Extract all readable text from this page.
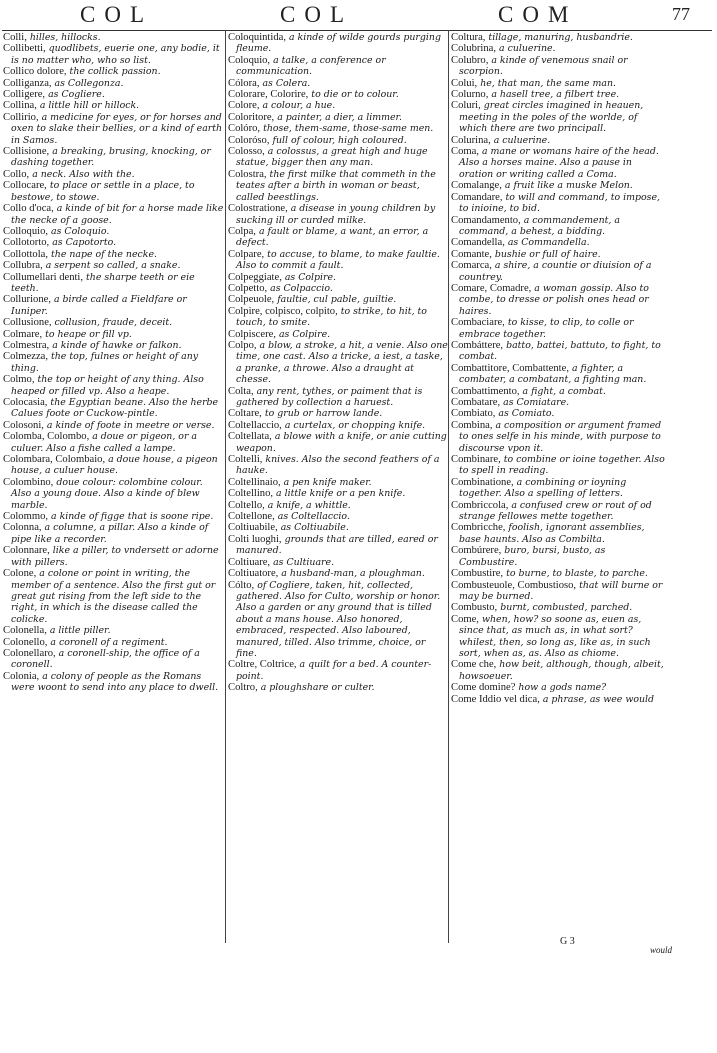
COL	COL	COM	77

Colli, hilles, hillocks.

Collibetti, quodlibets, euerie one, any bodie, it is no matter who, who so list.

Collico dolore, the collick passion.

Colliganza, as Collegonza.

Colligere, as Cogliere.

Collina, a little hill or hillock.

Collirio, a medicine for eyes, or for horses and oxen to slake their bellies, or a kind of earth in Samos.

Collisione, a breaking, brusing, knocking, or dashing together.

Collo, a neck. Also with the.

Collocare, to place or settle in a place, to bestowe, to stowe.

Collo d'oca, a kinde of bit for a horse made like the necke of a goose.

Colloquio, as Coloquio.

Collotorto, as Capotorto.

Collottola, the nape of the necke.

Collubra, a serpent so called, a snake.

Collumellari denti, the sharpe teeth or eie teeth.

Collurione, a birde called a Fieldfare or Iuniper.

Collusione, collusion, fraude, deceit.

Colmare, to heape or fill vp.

Colmestra, a kinde of hawke or falkon.

Colmezza, the top, fulnes or height of any thing.

Colmo, the top or height of any thing. Also heaped or filled vp. Also a heape.

Colocasia, the Egyptian beane. Also the herbe Calues foote or Cuckow-pintle.

Colosoni, a kinde of foote in meetre or verse.

Colomba, Colombo, a doue or pigeon, or a culuer. Also a fishe called a lampe.

Colombara, Colombaio, a doue house, a pigeon house, a culuer house.

Colombino, doue colour: colombine colour. Also a young doue. Also a kinde of blew marble.

Colommo, a kinde of figge that is soone ripe.

Colonna, a columne, a pillar. Also a kinde of pipe like a recorder.

Colonnare, like a piller, to vndersett or adorne with pillers.

Colone, a colone or point in writing, the member of a sentence. Also the first gut or great gut rising from the left side to the right, in which is the disease called the colicke.

Colonella, a little piller.

Colonello, a coronell of a regiment.

Colonellaro, a coronell-ship, the office of a coronell.

Colonia, a colony of people as the Romans were woont to send into any place to dwell.

Coloquintida, a kinde of wilde gourds purging fleume.

Coloquio, a talke, a conference or communication.

Cólora, as Colera.

Colorare, Colorire, to die or to colour.

Colore, a colour, a hue.

Coloritore, a painter, a dier, a limmer.

Colóro, those, them-same, those-same men.

Coloróso, full of colour, high coloured.

Colosso, a colossus, a great high and huge statue, bigger then any man.

Colostra, the first milke that commeth in the teates after a birth in woman or beast, called beestlings.

Colostratione, a disease in young children by sucking ill or curded milke.

Colpa, a fault or blame, a want, an error, a defect.

Colpare, to accuse, to blame, to make faultie. Also to commit a fault.

Colpeggiate, as Colpire.

Colpetto, as Colpaccio.

Colpeuole, faultie, cul pable, guiltie.

Colpire, colpisco, colpito, to strike, to hit, to touch, to smite.

Colpiscere, as Colpire.

Colpo, a blow, a stroke, a hit, a venie. Also one time, one cast. Also a tricke, a iest, a taske, a pranke, a throwe. Also a draught at chesse.

Colta, any rent, tythes, or paiment that is gathered by collection a haruest.

Coltare, to grub or harrow lande.

Coltellaccio, a curtelax, or chopping knife.

Coltellata, a blowe with a knife, or anie cutting weapon.

Coltelli, knives. Also the second feathers of a hauke.

Coltellinaio, a pen knife maker.

Coltellino, a little knife or a pen knife.

Coltello, a knife, a whittle.

Coltellone, as Coltellaccio.

Coltiuabile, as Coltiuabile.

Colti luoghi, grounds that are tilled, eared or manured.

Coltiuare, as Cultiuare.

Coltiuatore, a husband-man, a ploughman.

Cólto, of Cogliere, taken, hit, collected, gathered. Also for Culto, worship or honor. Also a garden or any ground that is tilled about a mans house. Also honored, embraced, respected. Also laboured, manured, tilled. Also trimme, choice, or fine.

Coltre, Coltrice, a quilt for a bed. A counter-point.

Coltro, a ploughshare or culter.

Coltura, tillage, manuring, husbandrie.

Colubrina, a culuerine.

Colubro, a kinde of venemous snail or scorpion.

Colui, he, that man, the same man.

Colurno, a hasell tree, a filbert tree.

Coluri, great circles imagined in heauen, meeting in the poles of the worlde, of which there are two principall.

Colurina, a culuerine.

Coma, a mane or womans haire of the head. Also a horses maine. Also a pause in oration or writing called a Coma.

Comalange, a fruit like a muske Melon.

Comandare, to will and command, to impose, to inioine, to bid.

Comandamento, a commandement, a command, a behest, a bidding.

Comandella, as Commandella.

Comante, bushie or full of haire.

Comarca, a shire, a countie or diuision of a countrey.

Comare, Comadre, a woman gossip. Also to combe, to dresse or polish ones head or haires.

Combaciare, to kisse, to clip, to colle or embrace together.

Combáttere, batto, battei, battuto, to fight, to combat.

Combattitore, Combattente, a fighter, a combater, a combatant, a fighting man.

Combattimento, a fight, a combat.

Combatare, as Comiatare.

Combiato, as Comiato.

Combina, a composition or argument framed to ones selfe in his minde, with purpose to discourse vpon it.

Combinare, to combine or ioine together. Also to spell in reading.

Combinatione, a combining or ioyning together. Also a spelling of letters.

Combriccola, a confused crew or rout of od strange fellowes mette together.

Combricche, foolish, ignorant assemblies, base haunts. Also as Combilta.

Combúrere, buro, bursi, busto, as Combustire.

Combustire, to burne, to blaste, to parche.

Combusteuole, Combustioso, that will burne or may be burned.

Combusto, burnt, combusted, parched.

Come, when, how? so soone as, euen as, since that, as much as, in what sort? whilest, then, so long as, like as, in such sort, when as, as. Also as chiome.

Come che, how beit, although, though, albeit, howsoeuer.

Come domine? how a gods name?

Come Iddio vel dica, a phrase, as wee would

G 3
would
